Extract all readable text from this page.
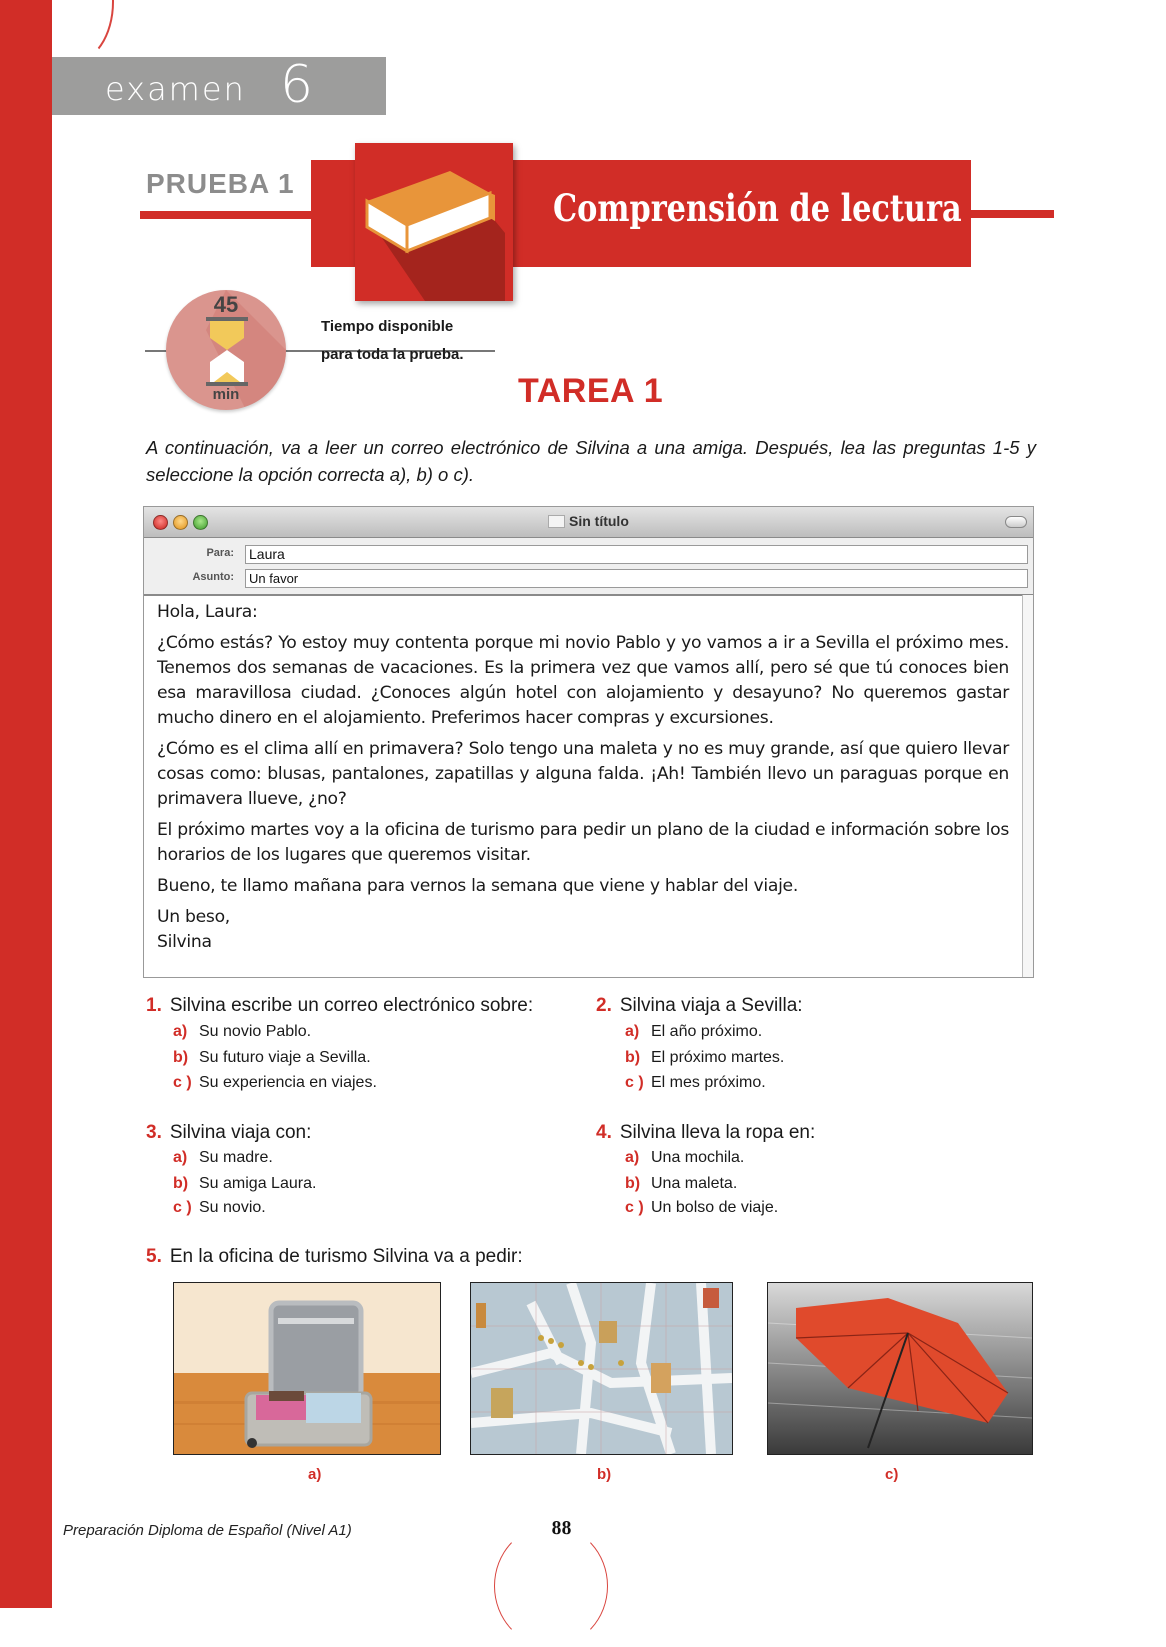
examen 6
PRUEBA 1
Comprensión de lectura
45
min
Tiempo disponible
para toda la prueba.
TAREA 1
A continuación, va a leer un correo electrónico de Silvina a una amiga. Después, lea las preguntas 1-5 y seleccione la opción correcta a), b) o c).
Sin título
Para: Laura
Asunto:	Un favor

Hola, Laura:

¿Cómo estás? Yo estoy muy contenta porque mi novio Pablo y yo vamos a ir a Sevilla el próximo mes. Tenemos dos semanas de vacaciones. Es la primera vez que vamos allí, pero sé que tú conoces bien esa maravillosa ciudad. ¿Conoces algún hotel con alojamiento y desayuno? No queremos gastar mucho dinero en el alojamiento. Preferimos hacer compras y excursiones.

¿Cómo es el clima allí en primavera? Solo tengo una maleta y no es muy grande, así que quiero llevar cosas como: blusas, pantalones, zapatillas y alguna falda. ¡Ah! También llevo un paraguas porque en primavera llueve, ¿no?

El próximo martes voy a la oficina de turismo para pedir un plano de la ciudad e información sobre los horarios de los lugares que queremos visitar.

Bueno, te llamo mañana para vernos la semana que viene y hablar del viaje.

Un beso,

Silvina

1. Silvina escribe un correo electrónico sobre:
a) Su novio Pablo.
b) Su futuro viaje a Sevilla.
c ) Su experiencia en viajes.
2. Silvina viaja a Sevilla:
a) El año próximo.
b) El próximo martes.
c ) El mes próximo.
3. Silvina viaja con:
a) Su madre.
b) Su amiga Laura.
c ) Su novio.
4. Silvina lleva la ropa en:
a) Una mochila.
b) Una maleta.
c ) Un bolso de viaje.
5. En la oficina de turismo Silvina va a pedir:
a)	b)	c)
Preparación Diploma de Español (Nivel A1)	88
